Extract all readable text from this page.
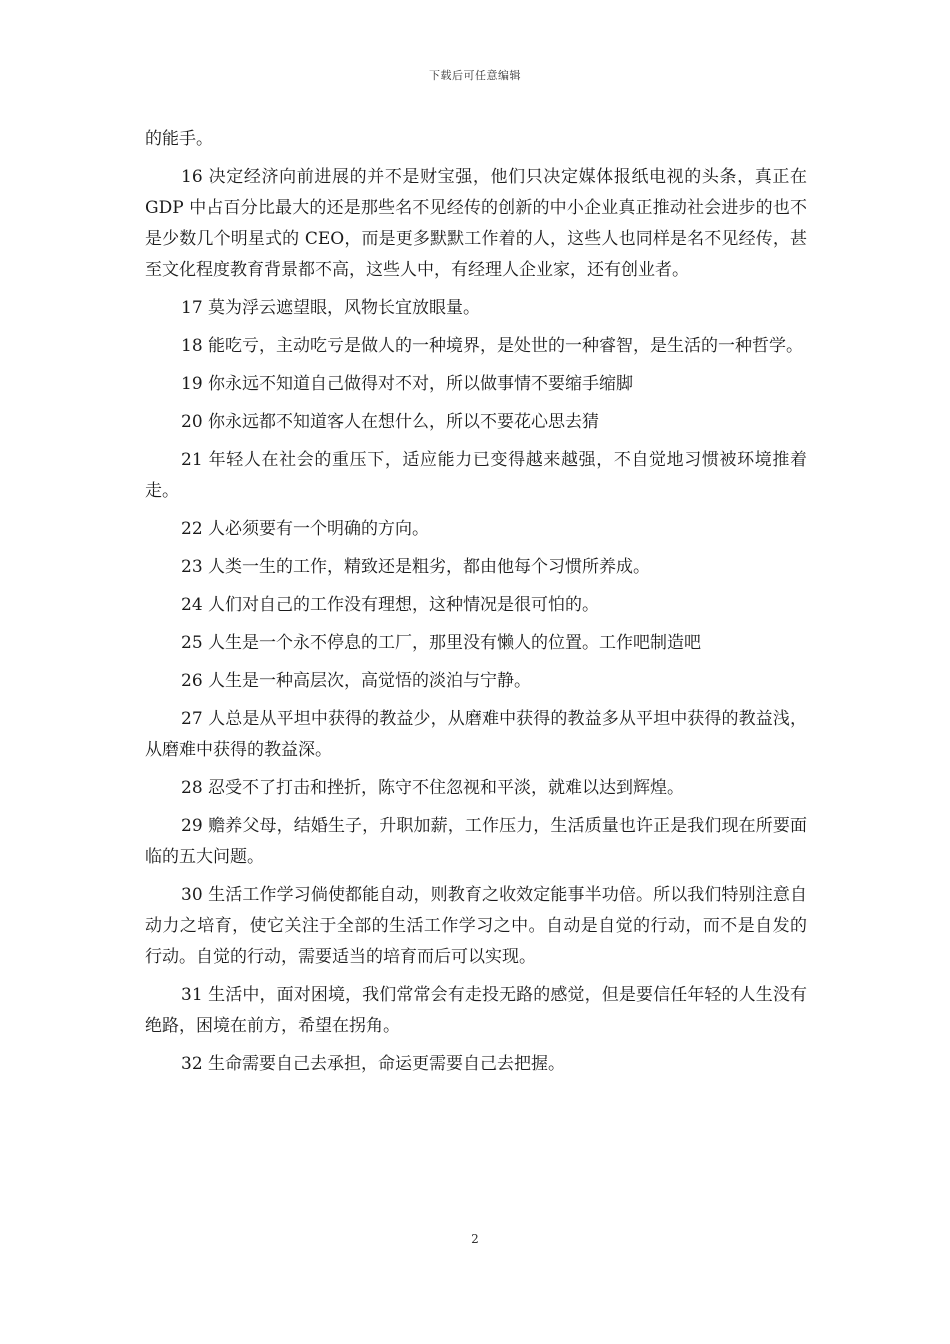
下载后可任意编辑

的能手。

16 决定经济向前进展的并不是财宝强，他们只决定媒体报纸电视的头条，真正在 GDP 中占百分比最大的还是那些名不见经传的创新的中小企业真正推动社会进步的也不是少数几个明星式的 CEO，而是更多默默工作着的人，这些人也同样是名不见经传，甚至文化程度教育背景都不高，这些人中，有经理人企业家，还有创业者。

17 莫为浮云遮望眼，风物长宜放眼量。

18 能吃亏，主动吃亏是做人的一种境界，是处世的一种睿智，是生活的一种哲学。

19 你永远不知道自己做得对不对，所以做事情不要缩手缩脚

20 你永远都不知道客人在想什么，所以不要花心思去猜

21 年轻人在社会的重压下，适应能力已变得越来越强，不自觉地习惯被环境推着走。

22 人必须要有一个明确的方向。

23 人类一生的工作，精致还是粗劣，都由他每个习惯所养成。

24 人们对自己的工作没有理想，这种情况是很可怕的。

25 人生是一个永不停息的工厂，那里没有懒人的位置。工作吧制造吧

26 人生是一种高层次，高觉悟的淡泊与宁静。

27 人总是从平坦中获得的教益少，从磨难中获得的教益多从平坦中获得的教益浅，从磨难中获得的教益深。

28 忍受不了打击和挫折，陈守不住忽视和平淡，就难以达到辉煌。

29 赡养父母，结婚生子，升职加薪，工作压力，生活质量也许正是我们现在所要面临的五大问题。

30 生活工作学习倘使都能自动，则教育之收效定能事半功倍。所以我们特别注意自动力之培育，使它关注于全部的生活工作学习之中。自动是自觉的行动，而不是自发的行动。自觉的行动，需要适当的培育而后可以实现。

31 生活中，面对困境，我们常常会有走投无路的感觉，但是要信任年轻的人生没有绝路，困境在前方，希望在拐角。

32 生命需要自己去承担，命运更需要自己去把握。

2
